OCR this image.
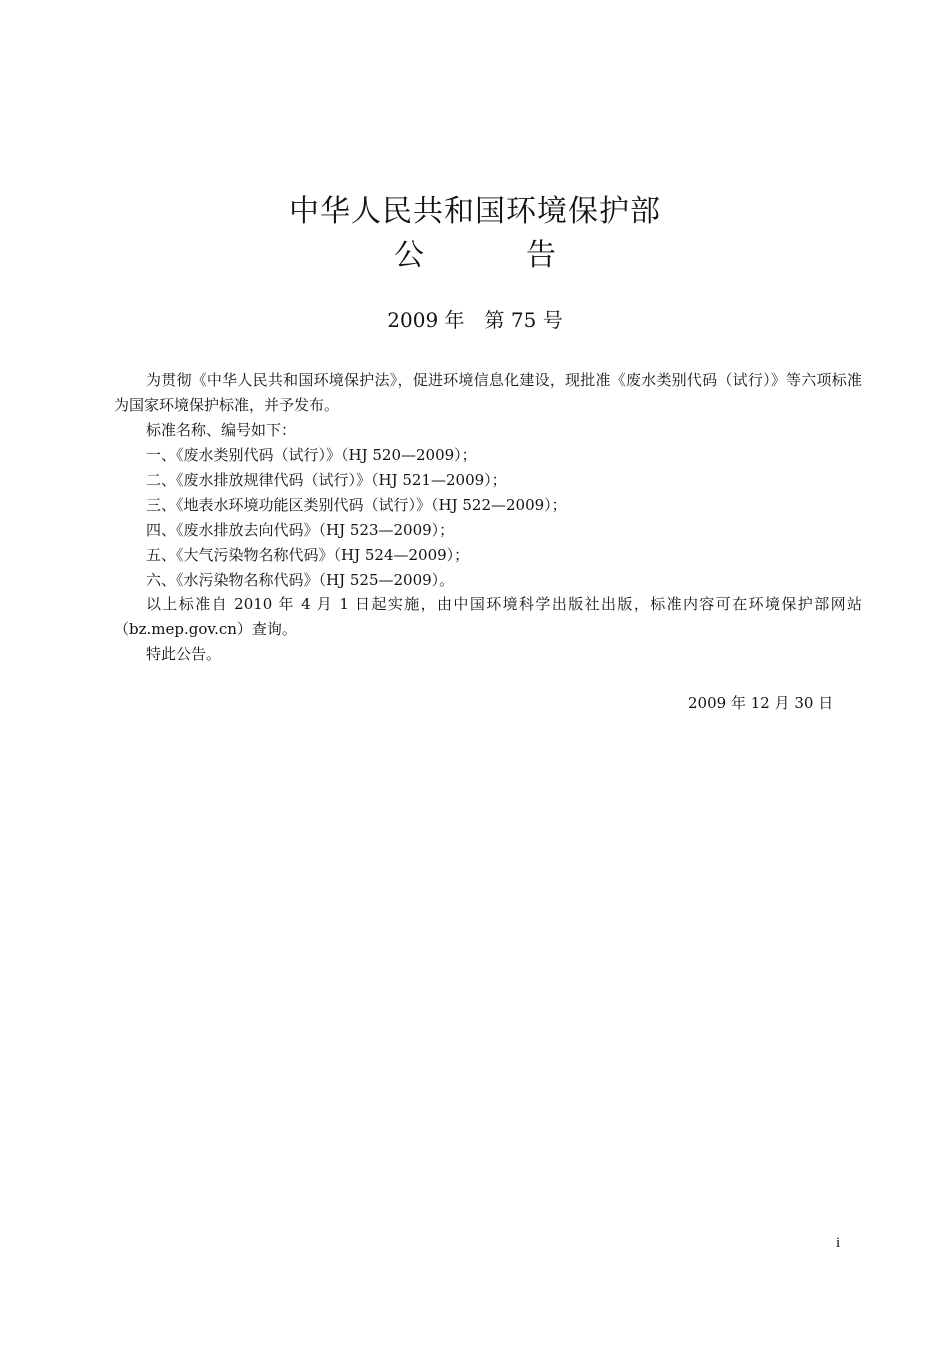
中华人民共和国环境保护部
公　告
2009 年　第 75 号

为贯彻《中华人民共和国环境保护法》，促进环境信息化建设，现批准《废水类别代码（试行）》等六项标准为国家环境保护标准，并予发布。

标准名称、编号如下：
一、《废水类别代码（试行）》（HJ 520—2009）；
二、《废水排放规律代码（试行）》（HJ 521—2009）；
三、《地表水环境功能区类别代码（试行）》（HJ 522—2009）；
四、《废水排放去向代码》（HJ 523—2009）；
五、《大气污染物名称代码》（HJ 524—2009）；
六、《水污染物名称代码》（HJ 525—2009）。

以上标准自 2010 年 4 月 1 日起实施，由中国环境科学出版社出版，标准内容可在环境保护部网站（bz.mep.gov.cn）查询。

特此公告。

2009 年 12 月 30 日
i
